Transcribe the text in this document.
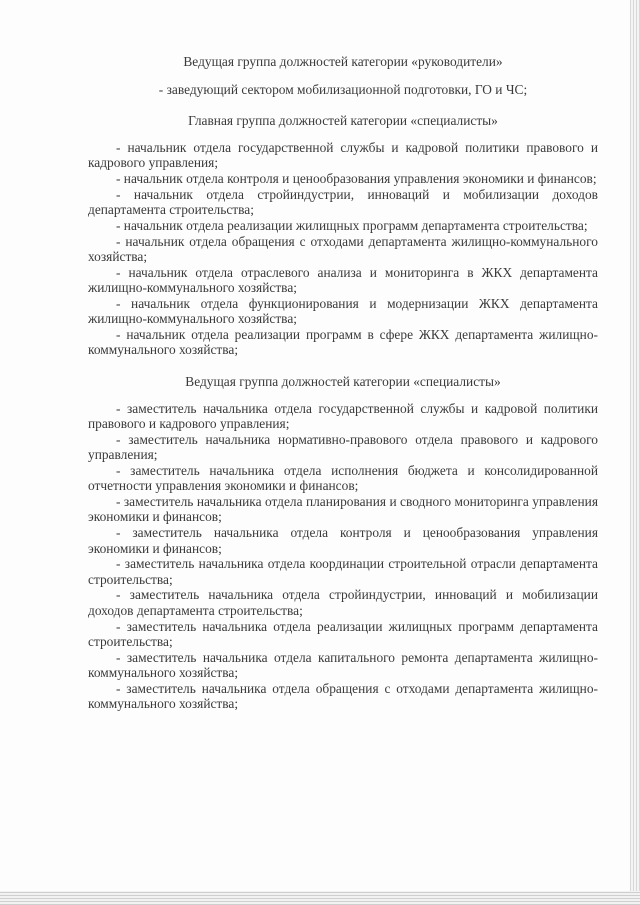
Ведущая группа должностей категории «руководители»

- заведующий сектором мобилизационной подготовки, ГО и ЧС;

Главная группа должностей категории «специалисты»

- начальник отдела государственной службы и кадровой политики правового и кадрового управления;
- начальник отдела контроля и ценообразования управления экономики и финансов;
- начальник отдела стройиндустрии, инноваций и мобилизации доходов департамента строительства;
- начальник отдела реализации жилищных программ департамента строительства;
- начальник отдела обращения с отходами департамента жилищно-коммунального хозяйства;
- начальник отдела отраслевого анализа и мониторинга в ЖКХ департамента жилищно-коммунального хозяйства;
- начальник отдела функционирования и модернизации ЖКХ департамента жилищно-коммунального хозяйства;
- начальник отдела реализации программ в сфере ЖКХ департамента жилищно-коммунального хозяйства;

Ведущая группа должностей категории «специалисты»

- заместитель начальника отдела государственной службы и кадровой политики правового и кадрового управления;
- заместитель начальника нормативно-правового отдела правового и кадрового управления;
- заместитель начальника отдела исполнения бюджета и консолидированной отчетности управления экономики и финансов;
- заместитель начальника отдела планирования и сводного мониторинга управления экономики и финансов;
- заместитель начальника отдела контроля и ценообразования управления экономики и финансов;
- заместитель начальника отдела координации строительной отрасли департамента строительства;
- заместитель начальника отдела стройиндустрии, инноваций и мобилизации доходов департамента строительства;
- заместитель начальника отдела реализации жилищных программ департамента строительства;
- заместитель начальника отдела капитального ремонта департамента жилищно-коммунального хозяйства;
- заместитель начальника отдела обращения с отходами департамента жилищно-коммунального хозяйства;
